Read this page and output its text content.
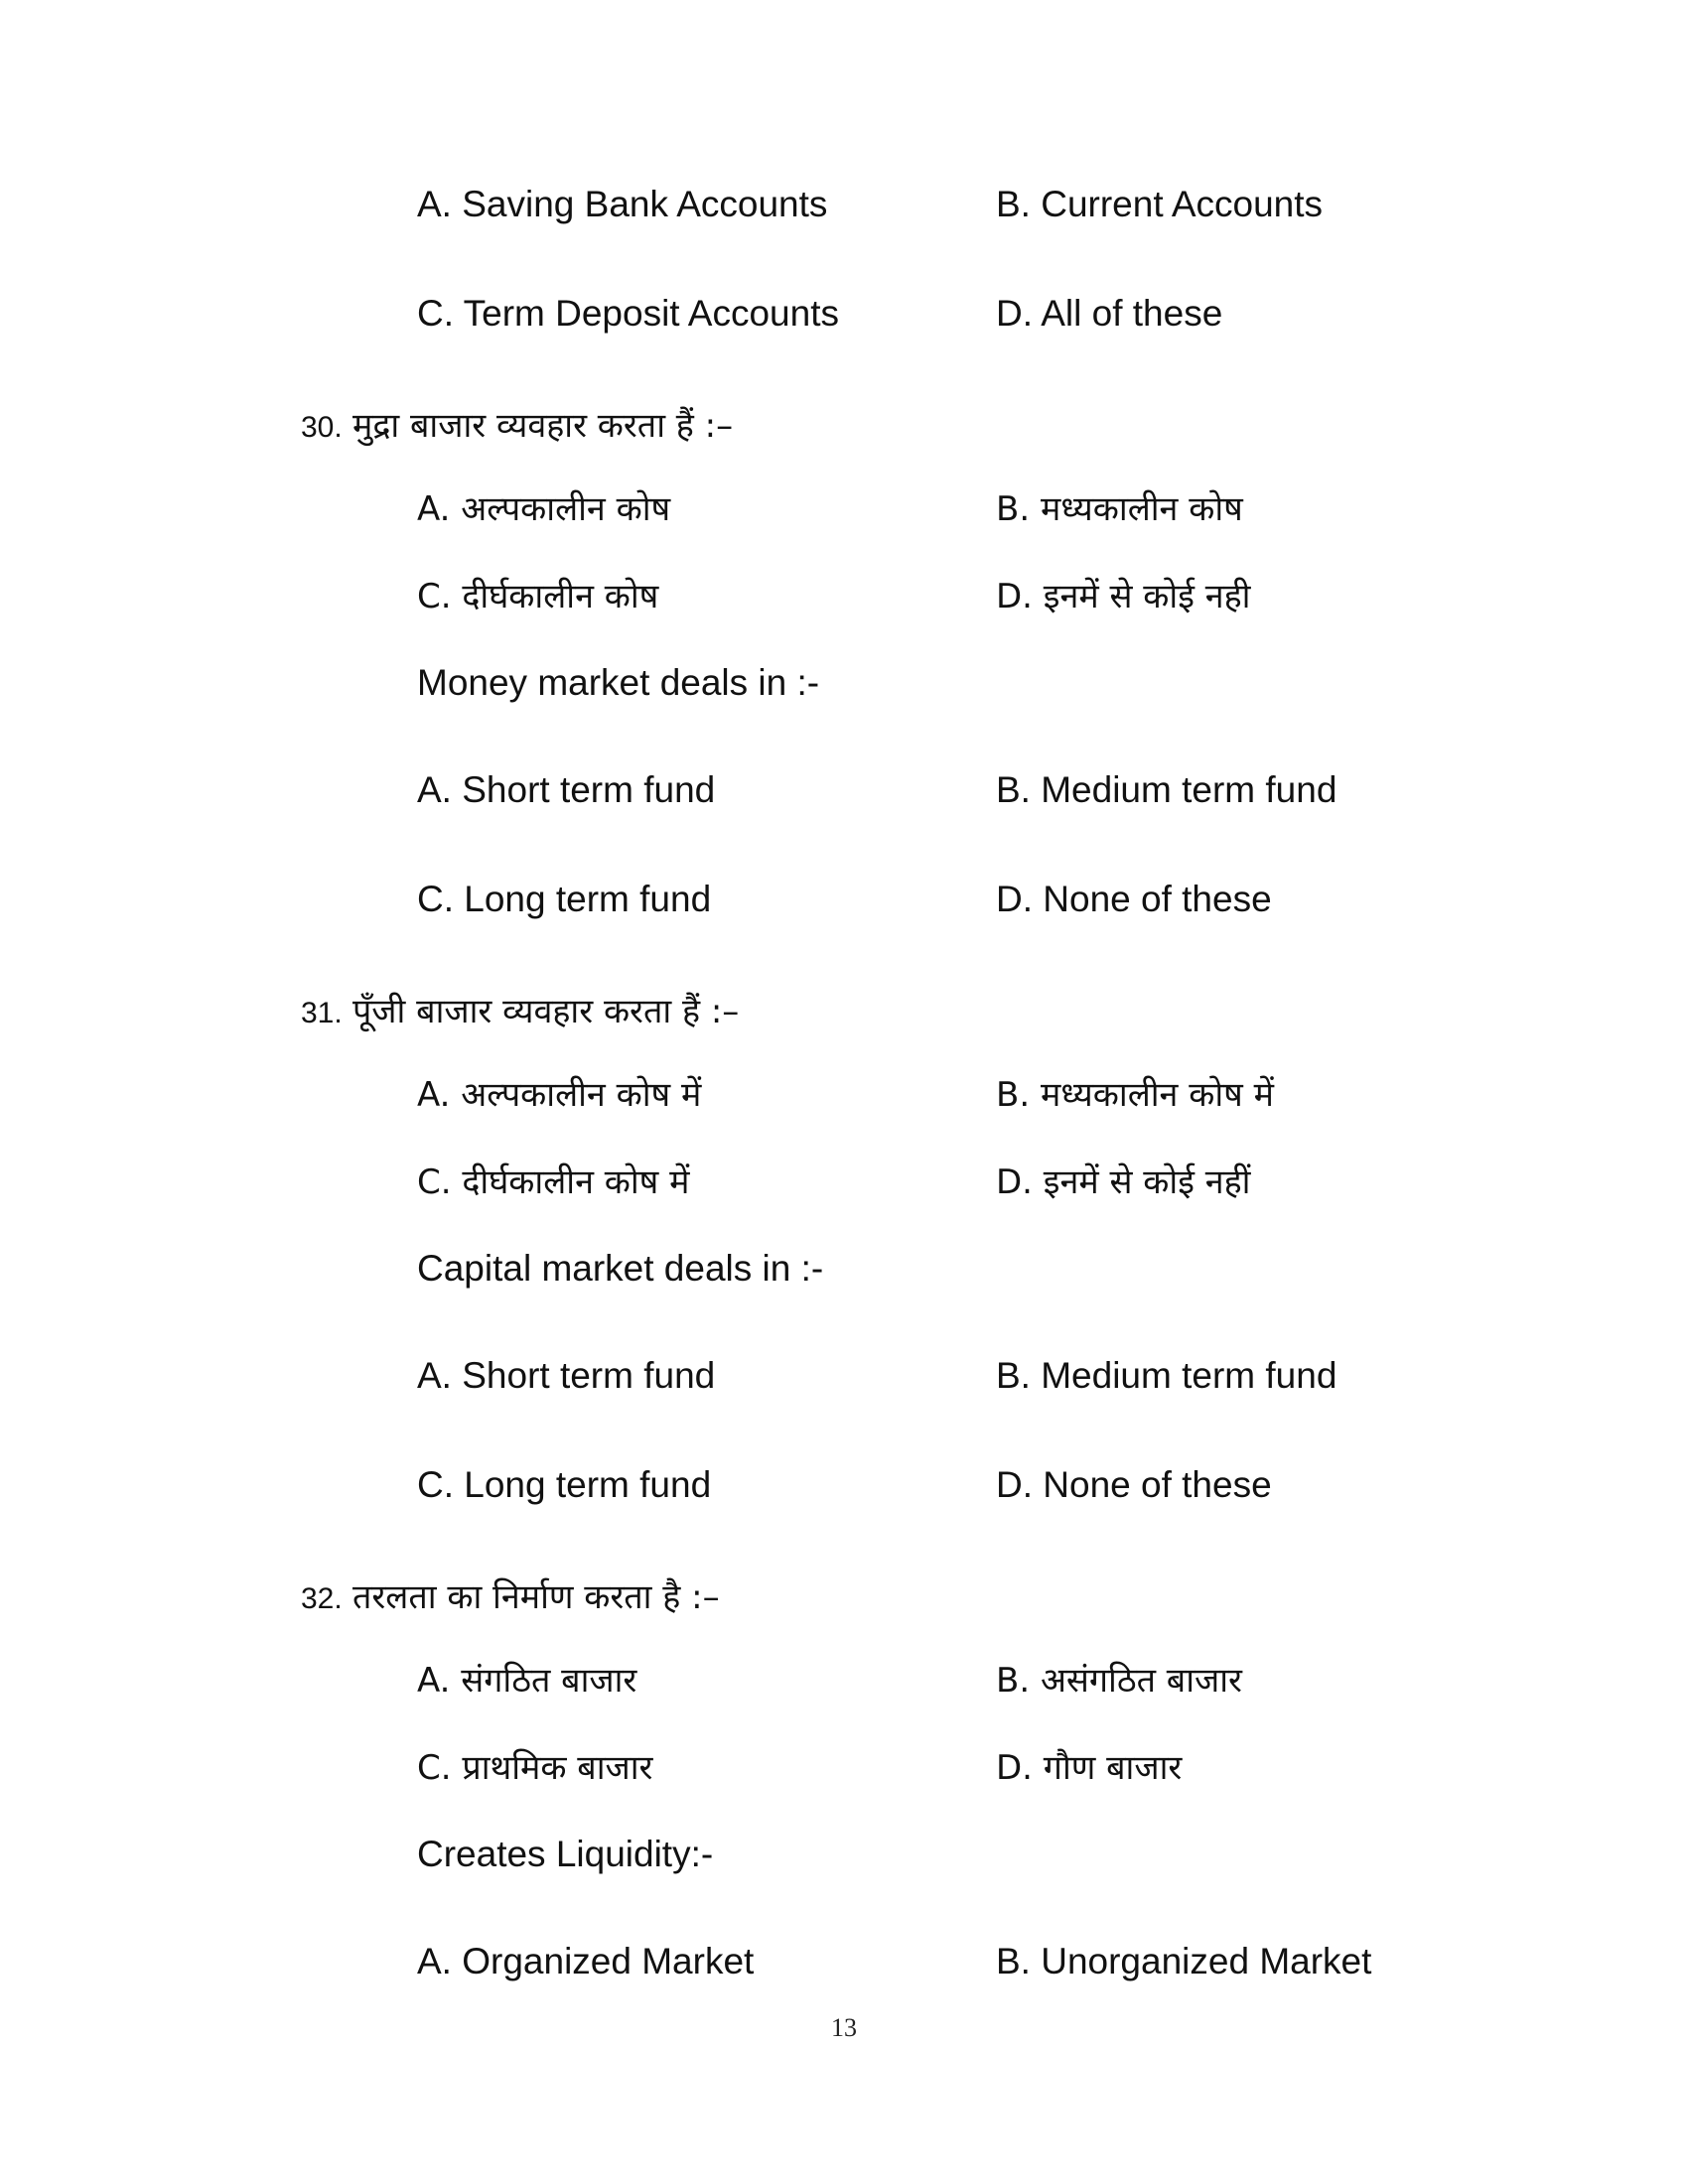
A. Saving Bank Accounts	B. Current Accounts
C. Term Deposit Accounts	D. All of these
30. मुद्रा बाजार व्यवहार करता हैं :–
A. अल्पकालीन कोष	B. मध्यकालीन कोष
C. दीर्घकालीन कोष	D. इनमें से कोई नही
Money market deals in :-
A. Short term fund	B. Medium term fund
C. Long term fund	D. None of these
31. पूँजी बाजार व्यवहार करता हैं :–
A. अल्पकालीन कोष में	B. मध्यकालीन कोष में
C. दीर्घकालीन कोष में	D. इनमें से कोई नहीं
Capital market deals in :-
A. Short term fund	B. Medium term fund
C. Long term fund	D. None of these
32. तरलता का निर्माण करता है :–
A. संगठित बाजार	B. असंगठित बाजार
C. प्राथमिक बाजार	D. गौण बाजार
Creates Liquidity:-
A. Organized Market	B. Unorganized Market
13
